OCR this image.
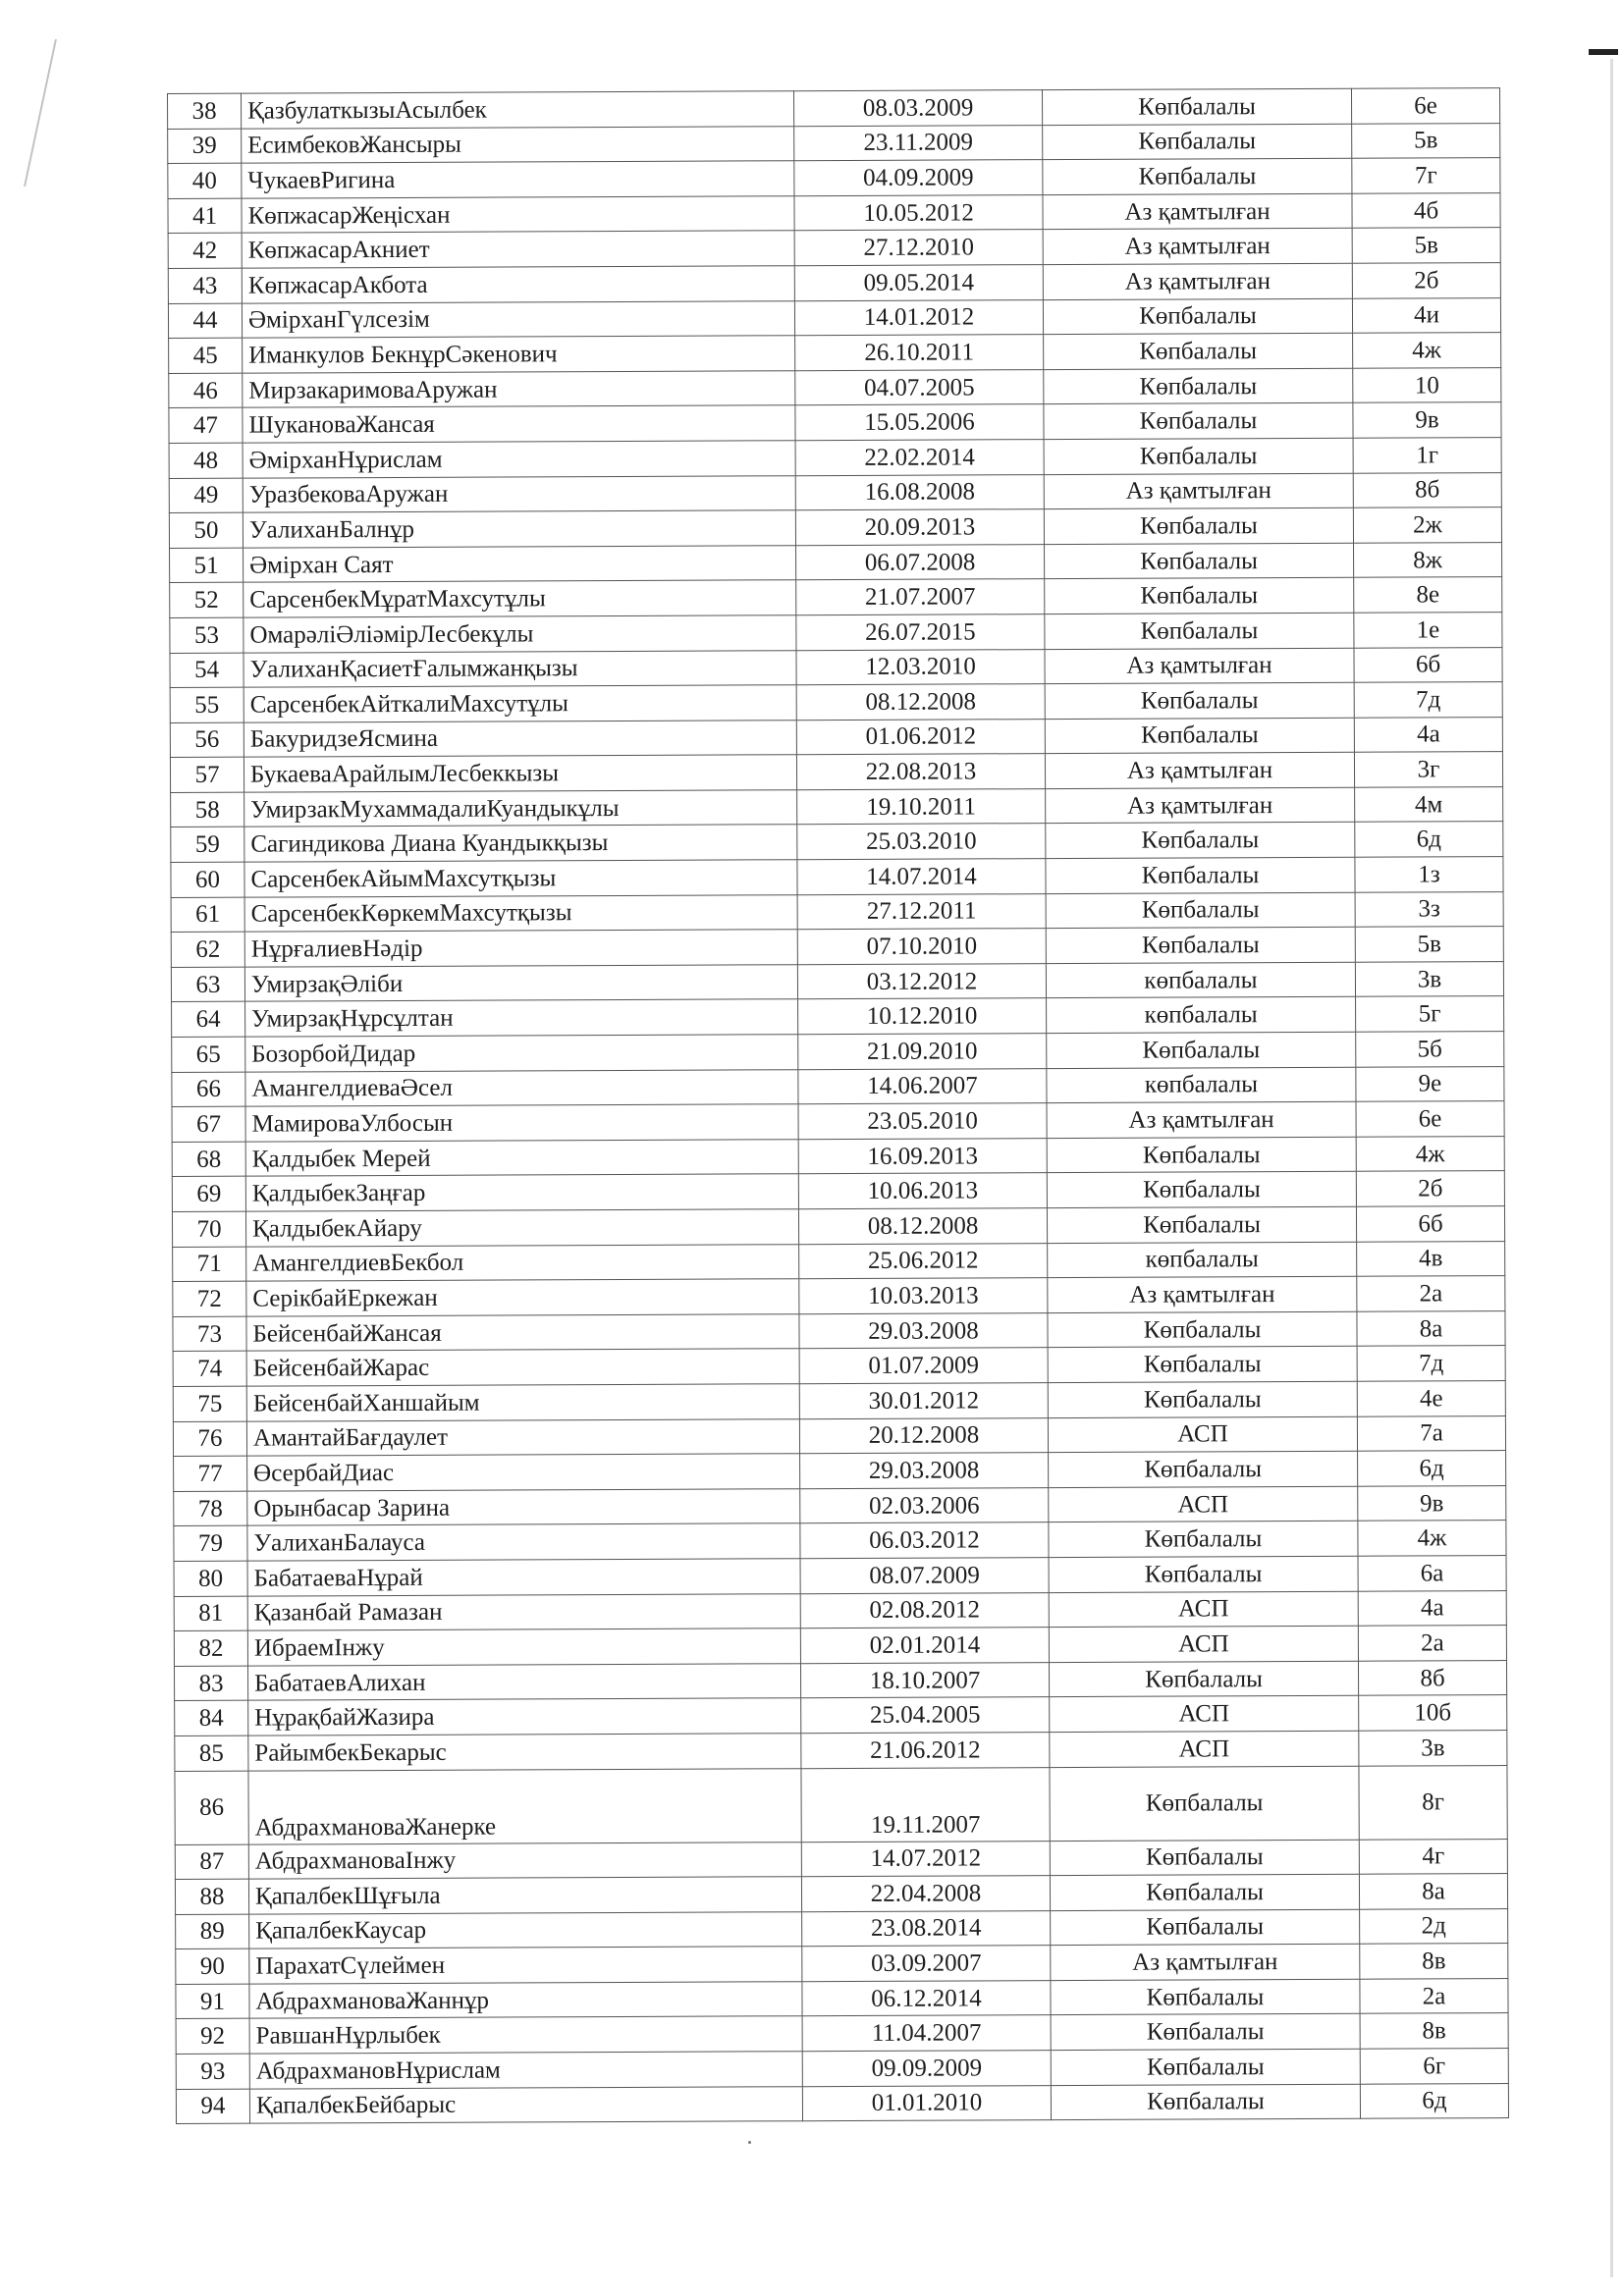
38	ҚазбулаткызыАсылбек	08.03.2009	Көпбалалы	6е
39	ЕсимбековЖансыры	23.11.2009	Көпбалалы	5в
40	ЧукаевРигина	04.09.2009	Көпбалалы	7г
41	КөпжасарЖеңісхан	10.05.2012	Аз қамтылған	4б
42	КөпжасарАкниет	27.12.2010	Аз қамтылған	5в
43	КөпжасарАкбота	09.05.2014	Аз қамтылған	2б
44	ӘмірханГүлсезім	14.01.2012	Көпбалалы	4и
45	Иманкулов БекнұрСәкенович	26.10.2011	Көпбалалы	4ж
46	МирзакаримоваАружан	04.07.2005	Көпбалалы	10
47	ШукановаЖансая	15.05.2006	Көпбалалы	9в
48	ӘмірханНұрислам	22.02.2014	Көпбалалы	1г
49	УразбековаАружан	16.08.2008	Аз қамтылған	8б
50	УалиханБалнұр	20.09.2013	Көпбалалы	2ж
51	Әмірхан Саят	06.07.2008	Көпбалалы	8ж
52	СарсенбекМұратМахсутұлы	21.07.2007	Көпбалалы	8е
53	ОмарәліӘліәмірЛесбекұлы	26.07.2015	Көпбалалы	1е
54	УалиханҚасиетҒалымжанқызы	12.03.2010	Аз қамтылған	6б
55	СарсенбекАйткалиМахсутұлы	08.12.2008	Көпбалалы	7д
56	БакуридзеЯсмина	01.06.2012	Көпбалалы	4а
57	БукаеваАрайлымЛесбеккызы	22.08.2013	Аз қамтылған	3г
58	УмирзакМухаммадалиКуандыкұлы	19.10.2011	Аз қамтылған	4м
59	Сагиндикова Диана Куандыкқызы	25.03.2010	Көпбалалы	6д
60	СарсенбекАйымМахсутқызы	14.07.2014	Көпбалалы	1з
61	СарсенбекКөркемМахсутқызы	27.12.2011	Көпбалалы	3з
62	НұрғалиевНәдір	07.10.2010	Көпбалалы	5в
63	УмирзақӘліби	03.12.2012	көпбалалы	3в
64	УмирзақНұрсұлтан	10.12.2010	көпбалалы	5г
65	БозорбойДидар	21.09.2010	Көпбалалы	5б
66	АмангелдиеваӘсел	14.06.2007	көпбалалы	9е
67	МамироваУлбосын	23.05.2010	Аз қамтылған	6е
68	Қалдыбек Мерей	16.09.2013	Көпбалалы	4ж
69	ҚалдыбекЗаңғар	10.06.2013	Көпбалалы	2б
70	ҚалдыбекАйару	08.12.2008	Көпбалалы	6б
71	АмангелдиевБекбол	25.06.2012	көпбалалы	4в
72	СерікбайЕркежан	10.03.2013	Аз қамтылған	2а
73	БейсенбайЖансая	29.03.2008	Көпбалалы	8а
74	БейсенбайЖарас	01.07.2009	Көпбалалы	7д
75	БейсенбайХаншайым	30.01.2012	Көпбалалы	4е
76	АмантайБағдаулет	20.12.2008	АСП	7а
77	ӨсербайДиас	29.03.2008	Көпбалалы	6д
78	Орынбасар Зарина	02.03.2006	АСП	9в
79	УалиханБалауса	06.03.2012	Көпбалалы	4ж
80	БабатаеваНұрай	08.07.2009	Көпбалалы	6а
81	Қазанбай Рамазан	02.08.2012	АСП	4а
82	ИбраемІнжу	02.01.2014	АСП	2а
83	БабатаевАлихан	18.10.2007	Көпбалалы	8б
84	НұрақбайЖазира	25.04.2005	АСП	10б
85	РайымбекБекарыс	21.06.2012	АСП	3в
86	АбдрахмановаЖанерке	19.11.2007	Көпбалалы	8г
87	АбдрахмановаІнжу	14.07.2012	Көпбалалы	4г
88	ҚапалбекШұғыла	22.04.2008	Көпбалалы	8а
89	ҚапалбекКаусар	23.08.2014	Көпбалалы	2д
90	ПарахатСүлеймен	03.09.2007	Аз қамтылған	8в
91	АбдрахмановаЖаннұр	06.12.2014	Көпбалалы	2а
92	РавшанНұрлыбек	11.04.2007	Көпбалалы	8в
93	АбдрахмановНұрислам	09.09.2009	Көпбалалы	6г
94	ҚапалбекБейбарыс	01.01.2010	Көпбалалы	6д
